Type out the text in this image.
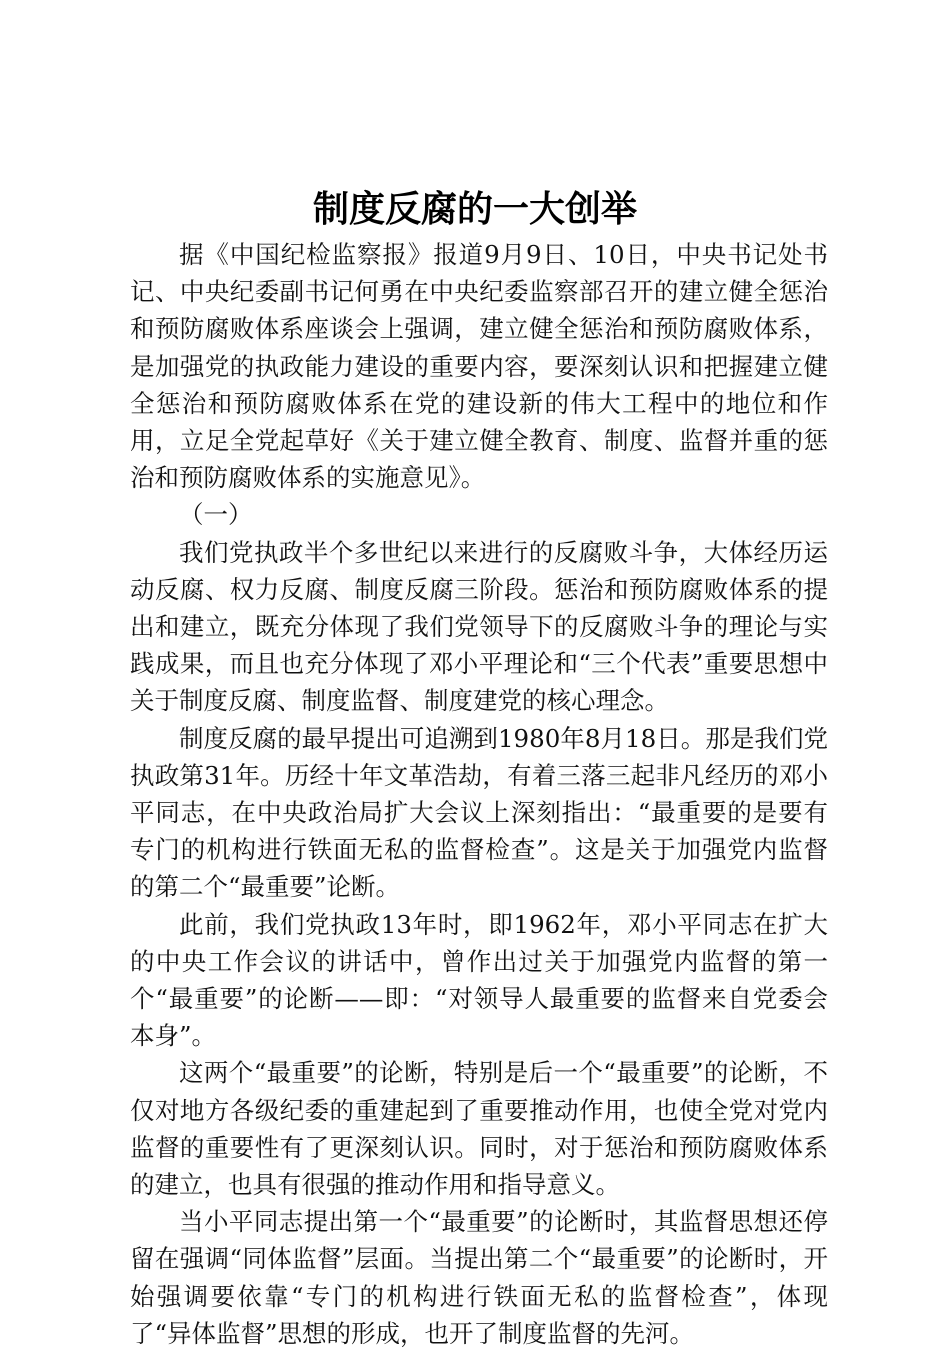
制度反腐的一大创举

据《中国纪检监察报》报道9月9日、10日，中央书记处书记、中央纪委副书记何勇在中央纪委监察部召开的建立健全惩治和预防腐败体系座谈会上强调，建立健全惩治和预防腐败体系，是加强党的执政能力建设的重要内容，要深刻认识和把握建立健全惩治和预防腐败体系在党的建设新的伟大工程中的地位和作用，立足全党起草好《关于建立健全教育、制度、监督并重的惩治和预防腐败体系的实施意见》。

（一）

我们党执政半个多世纪以来进行的反腐败斗争，大体经历运动反腐、权力反腐、制度反腐三阶段。惩治和预防腐败体系的提出和建立，既充分体现了我们党领导下的反腐败斗争的理论与实践成果，而且也充分体现了邓小平理论和“三个代表”重要思想中关于制度反腐、制度监督、制度建党的核心理念。

制度反腐的最早提出可追溯到1980年8月18日。那是我们党执政第31年。历经十年文革浩劫，有着三落三起非凡经历的邓小平同志，在中央政治局扩大会议上深刻指出：“最重要的是要有专门的机构进行铁面无私的监督检查”。这是关于加强党内监督的第二个“最重要”论断。

此前，我们党执政13年时，即1962年，邓小平同志在扩大的中央工作会议的讲话中，曾作出过关于加强党内监督的第一个“最重要”的论断——即：“对领导人最重要的监督来自党委会本身”。

这两个“最重要”的论断，特别是后一个“最重要”的论断，不仅对地方各级纪委的重建起到了重要推动作用，也使全党对党内监督的重要性有了更深刻认识。同时，对于惩治和预防腐败体系的建立，也具有很强的推动作用和指导意义。

当小平同志提出第一个“最重要”的论断时，其监督思想还停留在强调“同体监督”层面。当提出第二个“最重要”的论断时，开始强调要依靠“专门的机构进行铁面无私的监督检查”，体现了“异体监督”思想的形成，也开了制度监督的先河。
